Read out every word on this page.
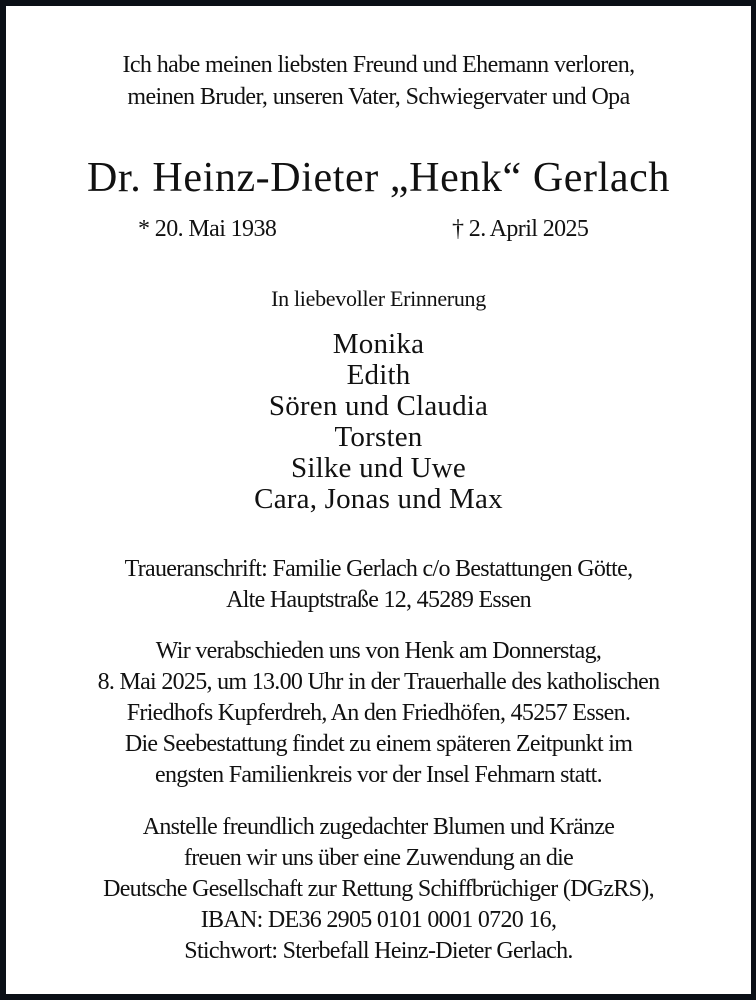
Ich habe meinen liebsten Freund und Ehemann verloren,
meinen Bruder, unseren Vater, Schwiegervater und Opa
Dr. Heinz-Dieter „Henk“ Gerlach
* 20. Mai 1938	† 2. April 2025
In liebevoller Erinnerung
Monika
Edith
Sören und Claudia
Torsten
Silke und Uwe
Cara, Jonas und Max
Traueranschrift: Familie Gerlach c/o Bestattungen Götte,
Alte Hauptstraße 12, 45289 Essen
Wir verabschieden uns von Henk am Donnerstag,
8. Mai 2025, um 13.00 Uhr in der Trauerhalle des katholischen
Friedhofs Kupferdreh, An den Friedhöfen, 45257 Essen.
Die Seebestattung findet zu einem späteren Zeitpunkt im
engsten Familienkreis vor der Insel Fehmarn statt.
Anstelle freundlich zugedachter Blumen und Kränze
freuen wir uns über eine Zuwendung an die
Deutsche Gesellschaft zur Rettung Schiffbrüchiger (DGzRS),
IBAN: DE36 2905 0101 0001 0720 16,
Stichwort: Sterbefall Heinz-Dieter Gerlach.
